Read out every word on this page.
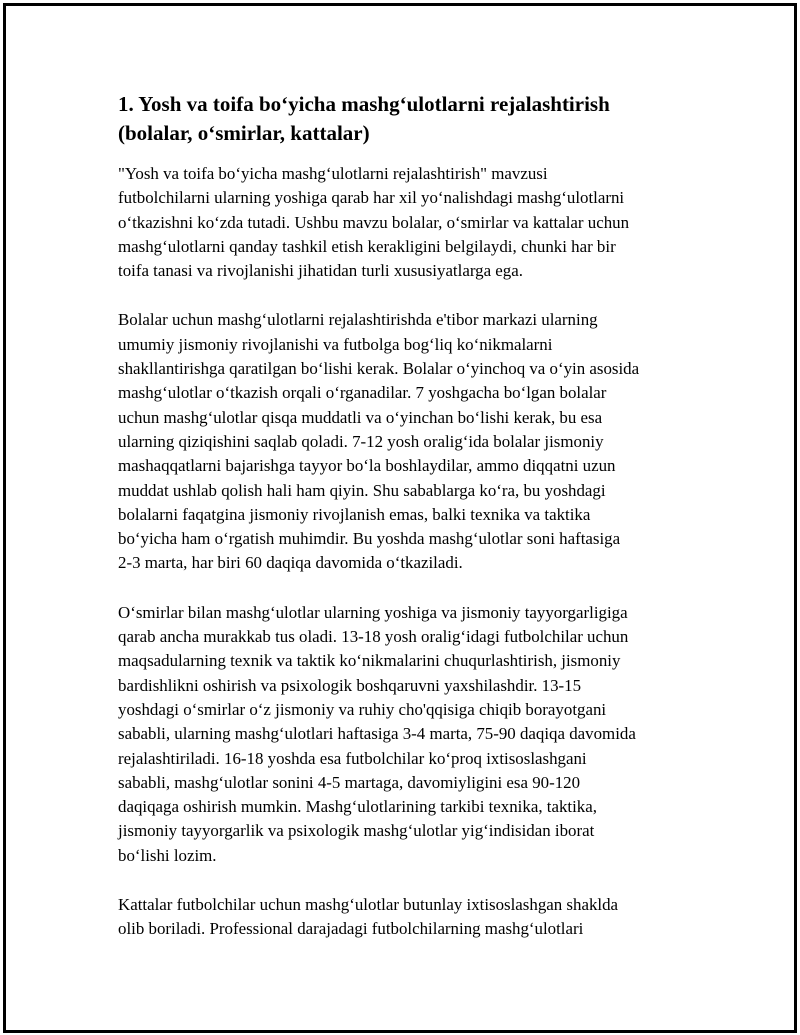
1. Yosh va toifa bo‘yicha mashg‘ulotlarni rejalashtirish
(bolalar, o‘smirlar, kattalar)

"Yosh va toifa bo‘yicha mashg‘ulotlarni rejalashtirish" mavzusi
futbolchilarni ularning yoshiga qarab har xil yo‘nalishdagi mashg‘ulotlarni
o‘tkazishni ko‘zda tutadi. Ushbu mavzu bolalar, o‘smirlar va kattalar uchun
mashg‘ulotlarni qanday tashkil etish kerakligini belgilaydi, chunki har bir
toifa tanasi va rivojlanishi jihatidan turli xususiyatlarga ega.

Bolalar uchun mashg‘ulotlarni rejalashtirishda e'tibor markazi ularning
umumiy jismoniy rivojlanishi va futbolga bog‘liq ko‘nikmalarni
shakllantirishga qaratilgan bo‘lishi kerak. Bolalar o‘yinchoq va o‘yin asosida
mashg‘ulotlar o‘tkazish orqali o‘rganadilar. 7 yoshgacha bo‘lgan bolalar
uchun mashg‘ulotlar qisqa muddatli va o‘yinchan bo‘lishi kerak, bu esa
ularning qiziqishini saqlab qoladi. 7-12 yosh oralig‘ida bolalar jismoniy
mashaqqatlarni bajarishga tayyor bo‘la boshlaydilar, ammo diqqatni uzun
muddat ushlab qolish hali ham qiyin. Shu sabablarga ko‘ra, bu yoshdagi
bolalarni faqatgina jismoniy rivojlanish emas, balki texnika va taktika
bo‘yicha ham o‘rgatish muhimdir. Bu yoshda mashg‘ulotlar soni haftasiga
2-3 marta, har biri 60 daqiqa davomida o‘tkaziladi.

O‘smirlar bilan mashg‘ulotlar ularning yoshiga va jismoniy tayyorgarligiga
qarab ancha murakkab tus oladi. 13-18 yosh oralig‘idagi futbolchilar uchun
maqsadularning texnik va taktik ko‘nikmalarini chuqurlashtirish, jismoniy
bardishlikni oshirish va psixologik boshqaruvni yaxshilashdir. 13-15
yoshdagi o‘smirlar o‘z jismoniy va ruhiy cho'qqisiga chiqib borayotgani
sababli, ularning mashg‘ulotlari haftasiga 3-4 marta, 75-90 daqiqa davomida
rejalashtiriladi. 16-18 yoshda esa futbolchilar ko‘proq ixtisoslashgani
sababli, mashg‘ulotlar sonini 4-5 martaga, davomiyligini esa 90-120
daqiqaga oshirish mumkin. Mashg‘ulotlarining tarkibi texnika, taktika,
jismoniy tayyorgarlik va psixologik mashg‘ulotlar yig‘indisidan iborat
bo‘lishi lozim.

Kattalar futbolchilar uchun mashg‘ulotlar butunlay ixtisoslashgan shaklda
olib boriladi. Professional darajadagi futbolchilarning mashg‘ulotlari
